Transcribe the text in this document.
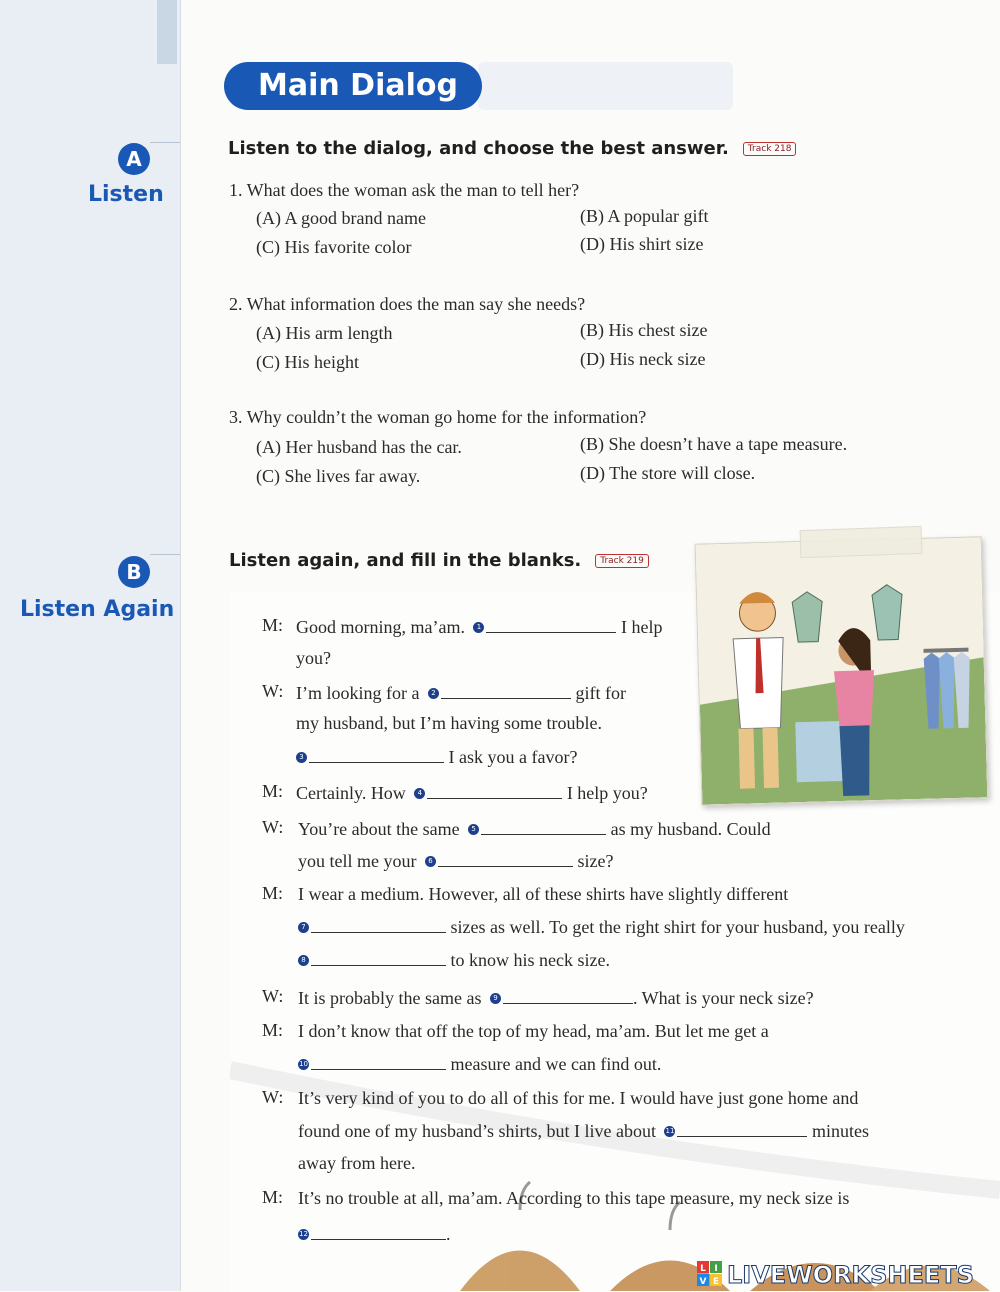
Main Dialog
A
Listen
Listen to the dialog, and choose the best answer. Track 218
1. What does the woman ask the man to tell her?
(A) A good brand name	(B) A popular gift
(C) His favorite color	(D) His shirt size
2. What information does the man say she needs?
(A) His arm length	(B) His chest size
(C) His height	(D) His neck size
3. Why couldn’t the woman go home for the information?
(A) Her husband has the car.	(B) She doesn’t have a tape measure.
(C) She lives far away.	(D) The store will close.
B
Listen Again
Listen again, and fill in the blanks. Track 219
M: Good morning, ma’am. 1	I help
you?
W: I’m looking for a 2	gift for
my husband, but I’m having some trouble.
3	I ask you a favor?
M: Certainly. How 4	I help you?
W: You’re about the same 5	as my husband. Could
you tell me your 6	size?
M: I wear a medium. However, all of these shirts have slightly different
7	sizes as well. To get the right shirt for your husband, you really
8	to know his neck size.
W: It is probably the same as 9	. What is your neck size?
M: I don’t know that off the top of my head, ma’am. But let me get a
10	measure and we can find out.
W: It’s very kind of you to do all of this for me. I would have just gone home and
found one of my husband’s shirts, but I live about 11	minutes
away from here.
M: It’s no trouble at all, ma’am. According to this tape measure, my neck size is
12	.
L I
V E LIVEWORKSHEETS
